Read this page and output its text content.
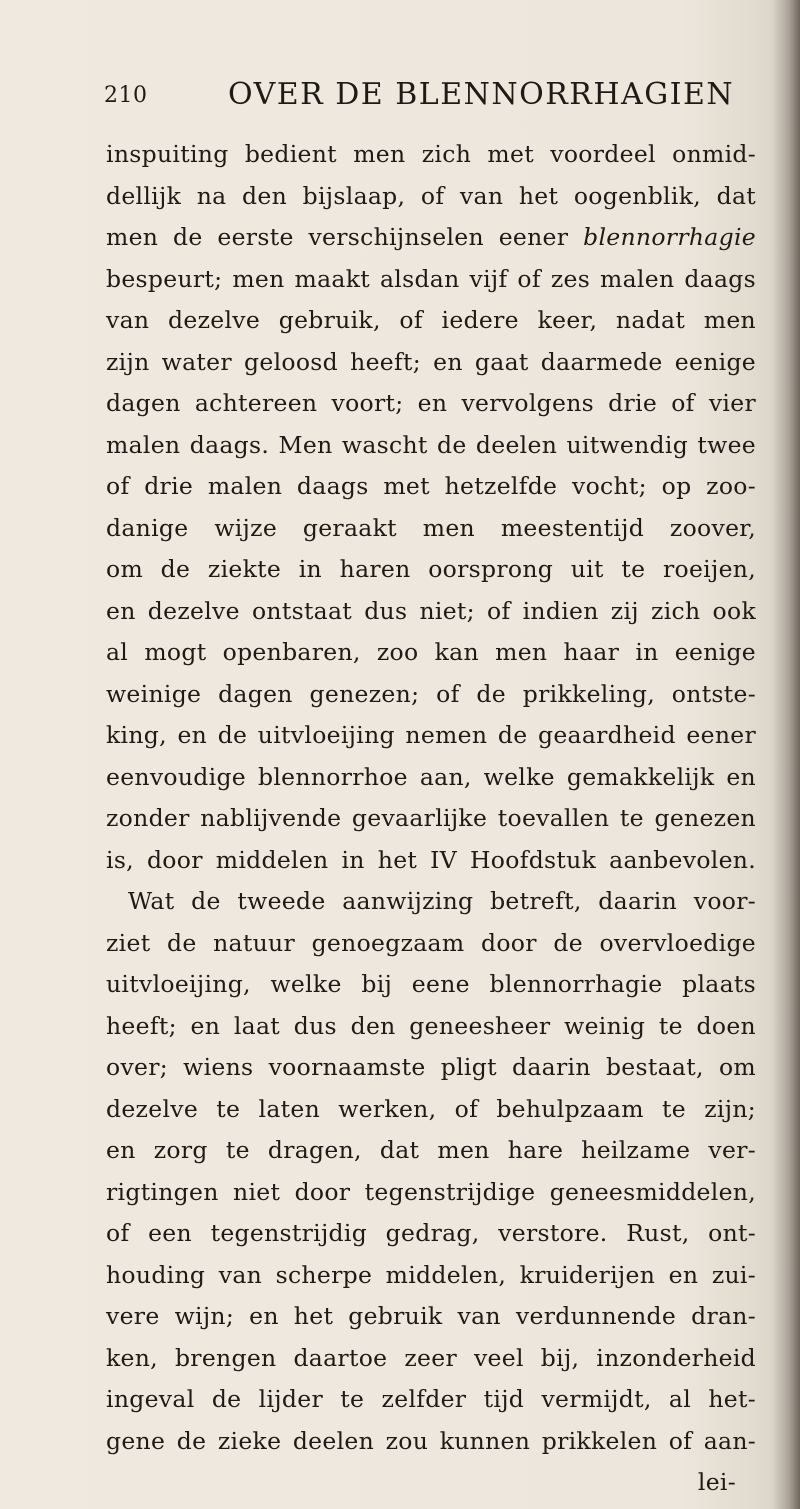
210	OVER DE BLENNORRHAGIEN
inspuiting bedient men zich met voordeel onmid-
dellijk na den bijslaap, of van het oogenblik, dat
men de eerste verschijnselen eener blennorrhagie
bespeurt; men maakt alsdan vijf of zes malen daags
van dezelve gebruik, of iedere keer, nadat men
zijn water geloosd heeft; en gaat daarmede eenige
dagen achtereen voort; en vervolgens drie of vier
malen daags. Men wascht de deelen uitwendig twee
of drie malen daags met hetzelfde vocht; op zoo-
danige wijze geraakt men meestentijd zoover,
om de ziekte in haren oorsprong uit te roeijen,
en dezelve ontstaat dus niet; of indien zij zich ook
al mogt openbaren, zoo kan men haar in eenige
weinige dagen genezen; of de prikkeling, ontste-
king, en de uitvloeijing nemen de geaardheid eener
eenvoudige blennorrhoe aan, welke gemakkelijk en
zonder nablijvende gevaarlijke toevallen te genezen
is, door middelen in het IV Hoofdstuk aanbevolen.
Wat de tweede aanwijzing betreft, daarin voor-
ziet de natuur genoegzaam door de overvloedige
uitvloeijing, welke bij eene blennorrhagie plaats
heeft; en laat dus den geneesheer weinig te doen
over; wiens voornaamste pligt daarin bestaat, om
dezelve te laten werken, of behulpzaam te zijn;
en zorg te dragen, dat men hare heilzame ver-
rigtingen niet door tegenstrijdige geneesmiddelen,
of een tegenstrijdig gedrag, verstore. Rust, ont-
houding van scherpe middelen, kruiderijen en zui-
vere wijn; en het gebruik van verdunnende dran-
ken, brengen daartoe zeer veel bij, inzonderheid
ingeval de lijder te zelfder tijd vermijdt, al het-
gene de zieke deelen zou kunnen prikkelen of aan-
lei-
